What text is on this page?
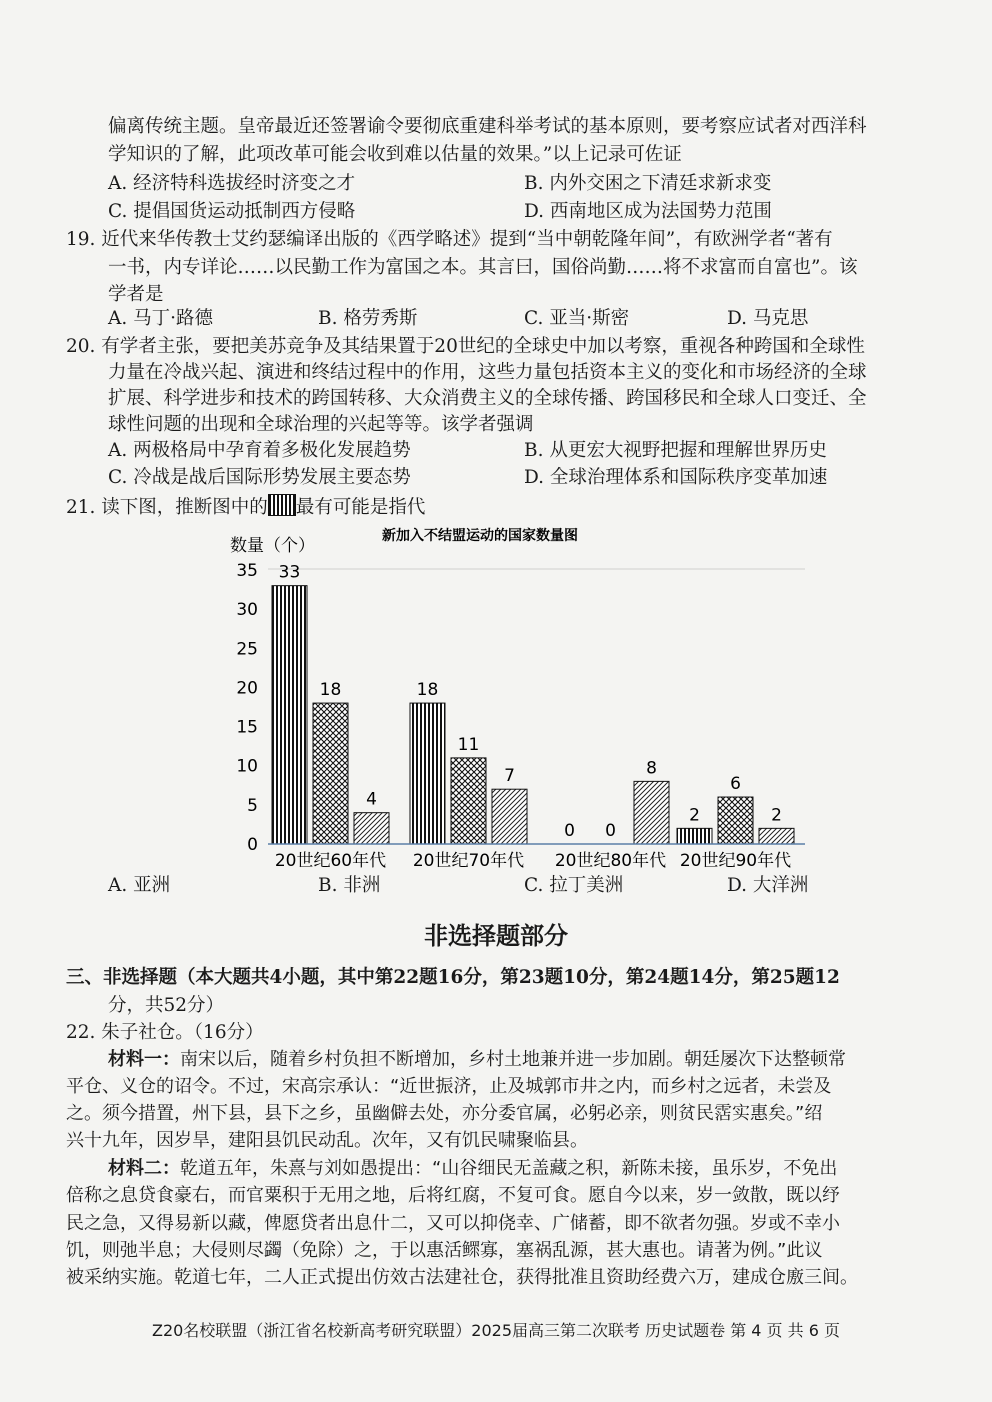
偏离传统主题。皇帝最近还签署谕令要彻底重建科举考试的基本原则，要考察应试者对西洋科
学知识的了解，此项改革可能会收到难以估量的效果。”以上记录可佐证
A. 经济特科选拔经时济变之才	B. 内外交困之下清廷求新求变
C. 提倡国货运动抵制西方侵略	D. 西南地区成为法国势力范围
19. 近代来华传教士艾约瑟编译出版的《西学略述》提到“当中朝乾隆年间”，有欧洲学者“著有
一书，内专详论……以民勤工作为富国之本。其言曰，国俗尚勤……将不求富而自富也”。该
学者是
A. 马丁·路德	B. 格劳秀斯	C. 亚当·斯密	D. 马克思
20. 有学者主张，要把美苏竞争及其结果置于20世纪的全球史中加以考察，重视各种跨国和全球性
力量在冷战兴起、演进和终结过程中的作用，这些力量包括资本主义的变化和市场经济的全球
扩展、科学进步和技术的跨国转移、大众消费主义的全球传播、跨国移民和全球人口变迁、全
球性问题的出现和全球治理的兴起等等。该学者强调
A. 两极格局中孕育着多极化发展趋势	B. 从更宏大视野把握和理解世界历史
C. 冷战是战后国际形势发展主要态势	D. 全球治理体系和国际秩序变革加速
21. 读下图，推断图中的 最有可能是指代
新加入不结盟运动的国家数量图
数量（个）
0
5
10
15
20
25
30
35 33
18
4
18
11
7
0 0
8
2
6
2
20世纪60年代 20世纪70年代 20世纪80年代 20世纪90年代
A. 亚洲	B. 非洲	C. 拉丁美洲	D. 大洋洲
非选择题部分
三、非选择题（本大题共4小题，其中第22题16分，第23题10分，第24题14分，第25题12
分，共52分）
22. 朱子社仓。（16分）
材料一：南宋以后，随着乡村负担不断增加，乡村土地兼并进一步加剧。朝廷屡次下达整顿常
平仓、义仓的诏令。不过，宋高宗承认：“近世振济，止及城郭市井之内，而乡村之远者，未尝及
之。须今措置，州下县，县下之乡，虽幽僻去处，亦分委官属，必躬必亲，则贫民霑实惠矣。”绍
兴十九年，因岁旱，建阳县饥民动乱。次年，又有饥民啸聚临县。
材料二：乾道五年，朱熹与刘如愚提出：“山谷细民无盖藏之积，新陈未接，虽乐岁，不免出
倍称之息贷食豪右，而官粟积于无用之地，后将红腐，不复可食。愿自今以来，岁一敛散，既以纾
民之急，又得易新以藏，俾愿贷者出息什二，又可以抑侥幸、广储蓄，即不欲者勿强。岁或不幸小
饥，则弛半息；大侵则尽蠲（免除）之，于以惠活鳏寡，塞祸乱源，甚大惠也。请著为例。”此议
被采纳实施。乾道七年，二人正式提出仿效古法建社仓，获得批准且资助经费六万，建成仓廒三间。
Z20名校联盟（浙江省名校新高考研究联盟）2025届高三第二次联考 历史试题卷 第 4 页 共 6 页
